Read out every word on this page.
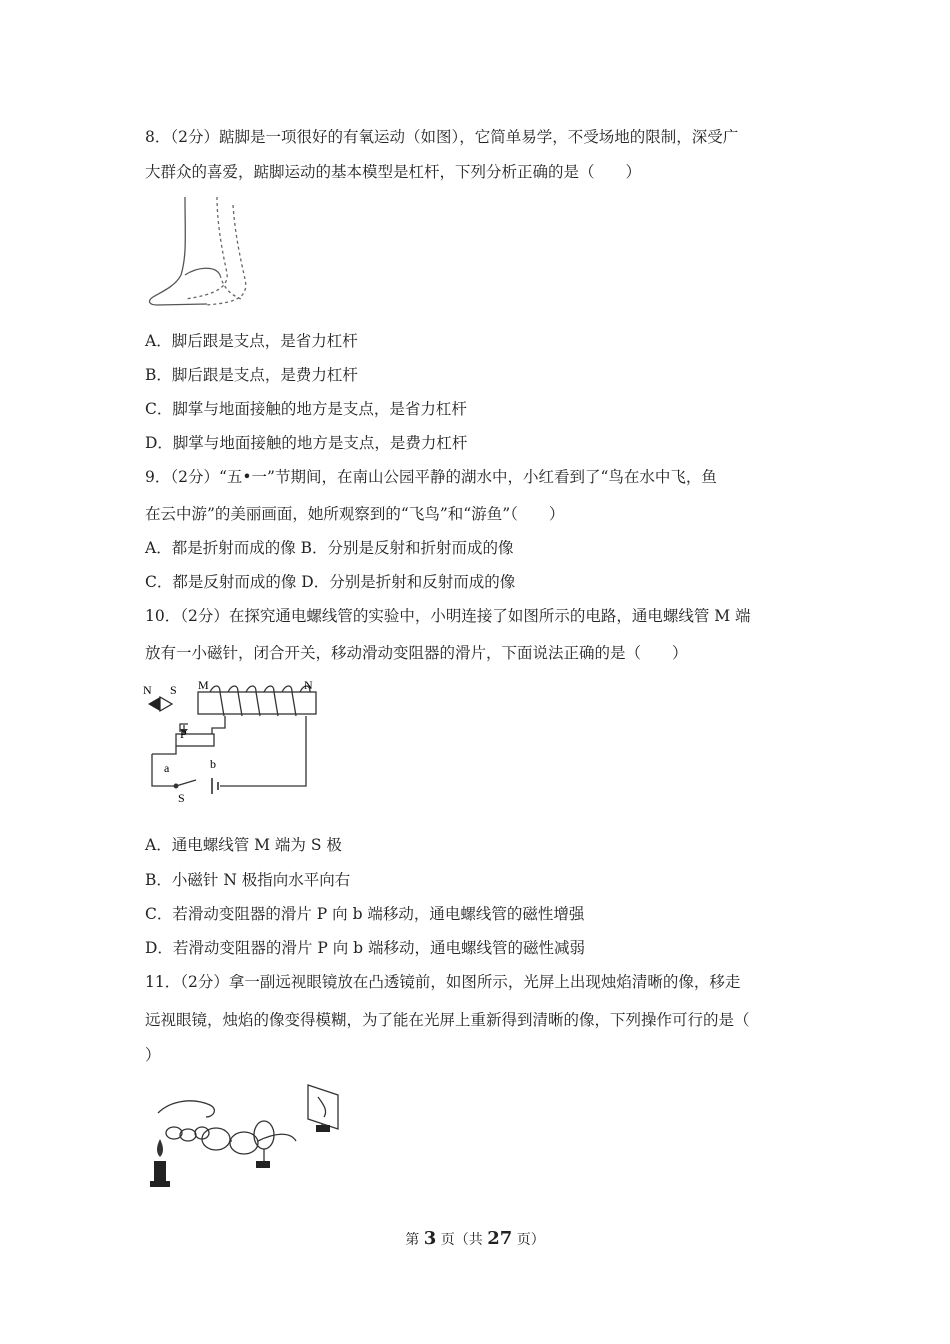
8．（2分）踮脚是一项很好的有氧运动（如图），它简单易学，不受场地的限制，深受广
大群众的喜爱，踮脚运动的基本模型是杠杆，下列分析正确的是（　　）
A．脚后跟是支点，是省力杠杆
B．脚后跟是支点，是费力杠杆
C．脚掌与地面接触的地方是支点，是省力杠杆
D．脚掌与地面接触的地方是支点，是费力杠杆
9．（2分）“五•一”节期间，在南山公园平静的湖水中，小红看到了“鸟在水中飞，鱼
在云中游”的美丽画面，她所观察到的“飞鸟”和“游鱼”（　　）
A．都是折射而成的像 B．分别是反射和折射而成的像
C．都是反射而成的像 D．分别是折射和反射而成的像
10．（2分）在探究通电螺线管的实验中，小明连接了如图所示的电路，通电螺线管 M 端
放有一小磁针，闭合开关，移动滑动变阻器的滑片，下面说法正确的是（　　）
N S M	N
P
a	b
S
A．通电螺线管 M 端为 S 极
B．小磁针 N 极指向水平向右
C．若滑动变阻器的滑片 P 向 b 端移动，通电螺线管的磁性增强
D．若滑动变阻器的滑片 P 向 b 端移动，通电螺线管的磁性减弱
11．（2分）拿一副远视眼镜放在凸透镜前，如图所示，光屏上出现烛焰清晰的像，移走
远视眼镜，烛焰的像变得模糊，为了能在光屏上重新得到清晰的像，下列操作可行的是（
）
第 3 页（共 27 页）
